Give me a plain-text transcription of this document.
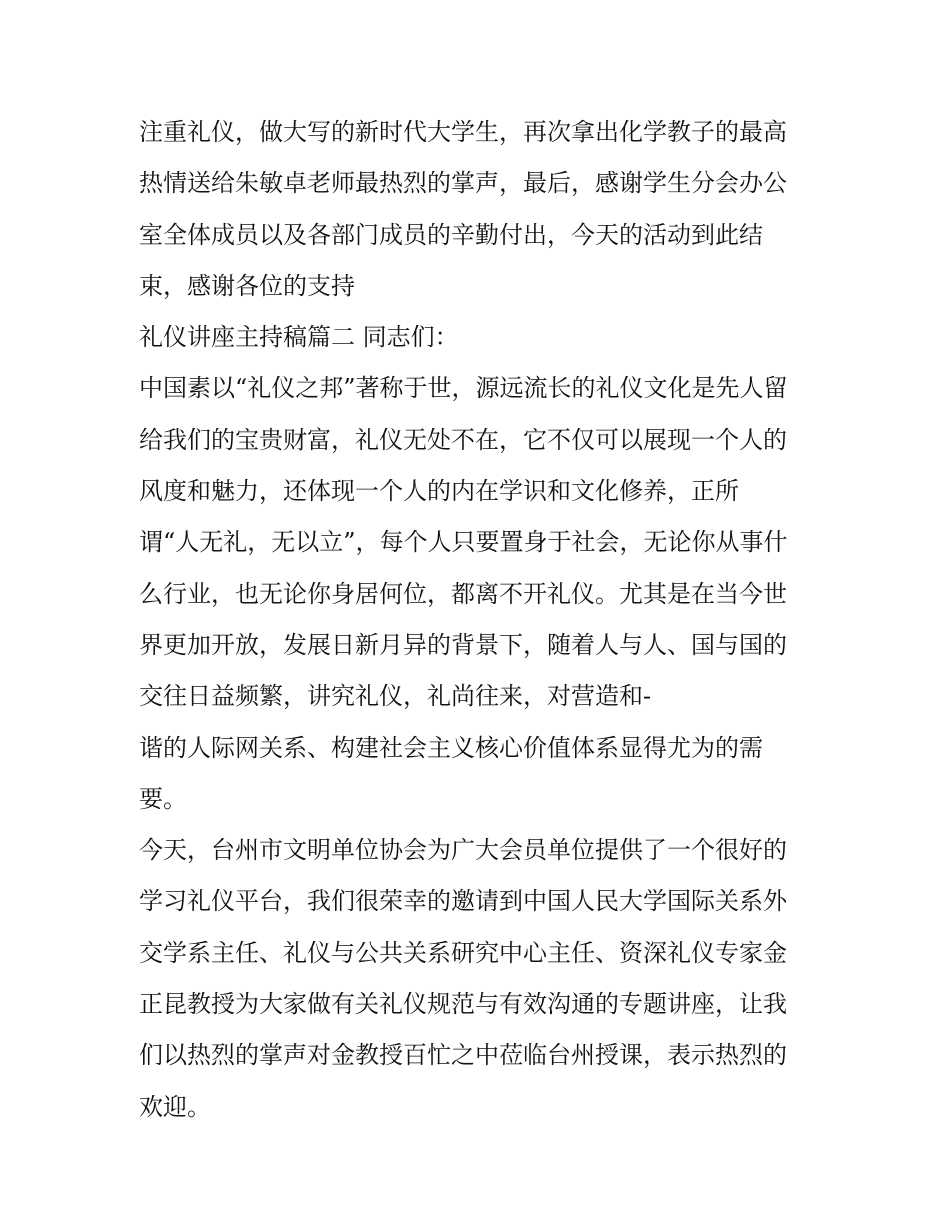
注重礼仪，做大写的新时代大学生，再次拿出化学教子的最高
热情送给朱敏卓老师最热烈的掌声，最后，感谢学生分会办公
室全体成员以及各部门成员的辛勤付出，今天的活动到此结
束，感谢各位的支持
礼仪讲座主持稿篇二 同志们：
中国素以“礼仪之邦”著称于世，源远流长的礼仪文化是先人留
给我们的宝贵财富，礼仪无处不在，它不仅可以展现一个人的
风度和魅力，还体现一个人的内在学识和文化修养，正所
谓“人无礼，无以立”，每个人只要置身于社会，无论你从事什
么行业，也无论你身居何位，都离不开礼仪。尤其是在当今世
界更加开放，发展日新月异的背景下，随着人与人、国与国的
交往日益频繁，讲究礼仪，礼尚往来，对营造和-
谐的人际网关系、构建社会主义核心价值体系显得尤为的需
要。
今天，台州市文明单位协会为广大会员单位提供了一个很好的
学习礼仪平台，我们很荣幸的邀请到中国人民大学国际关系外
交学系主任、礼仪与公共关系研究中心主任、资深礼仪专家金
正昆教授为大家做有关礼仪规范与有效沟通的专题讲座，让我
们以热烈的掌声对金教授百忙之中莅临台州授课，表示热烈的
欢迎。
